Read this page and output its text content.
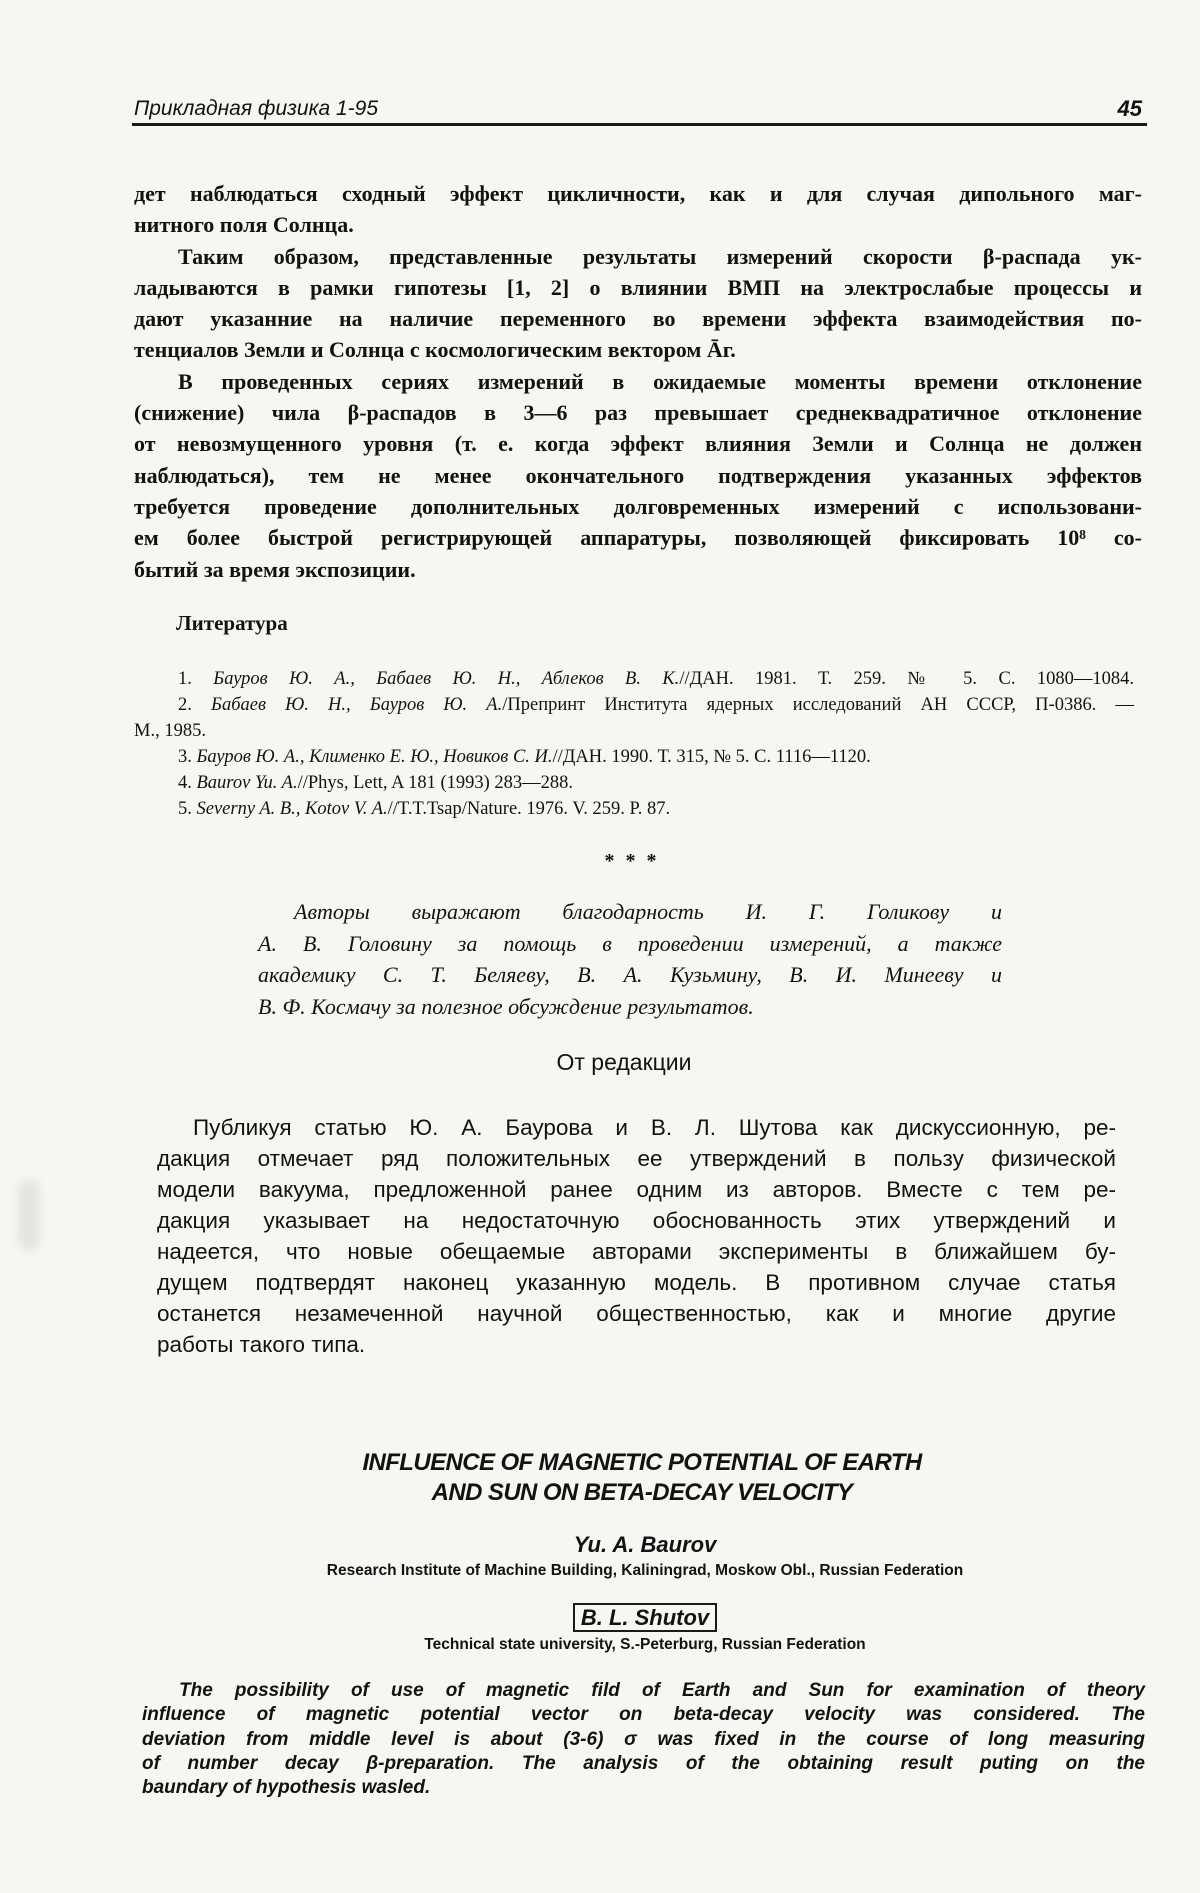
Прикладная физика 1-95	45
дет наблюдаться сходный эффект цикличности, как и для случая дипольного маг-
нитного поля Солнца.
Таким образом, представленные результаты измерений скорости β-распада ук-
ладываются в рамки гипотезы [1, 2] о влиянии ВМП на электрослабые процессы и
дают указанние на наличие переменного во времени эффекта взаимодействия по-
тенциалов Земли и Солнца с космологическим вектором Āг.
В проведенных сериях измерений в ожидаемые моменты времени отклонение
(снижение) чила β-распадов в 3—6 раз превышает среднеквадратичное отклонение
от невозмущенного уровня (т. е. когда эффект влияния Земли и Солнца не должен
наблюдаться), тем не менее окончательного подтверждения указанных эффектов
требуется проведение дополнительных долговременных измерений с использовани-
ем более быстрой регистрирующей аппаратуры, позволяющей фиксировать 10⁸ со-
бытий за время экспозиции.
Литература
1. Бауров Ю. А., Бабаев Ю. Н., Аблеков В. К.//ДАН. 1981. Т. 259. № 5. С. 1080—1084.
2. Бабаев Ю. Н., Бауров Ю. А./Препринт Института ядерных исследований АН СССР, П-0386. —
М., 1985.
3. Бауров Ю. А., Клименко Е. Ю., Новиков С. И.//ДАН. 1990. Т. 315, № 5. С. 1116—1120.
4. Baurov Yu. A.//Phys, Lett, A 181 (1993) 283—288.
5. Severny A. B., Kotov V. A.//T.T.Tsap/Nature. 1976. V. 259. P. 87.
* * *
Авторы выражают благодарность И. Г. Голикову и
А. В. Головину за помощь в проведении измерений, а также
академику С. Т. Беляеву, В. А. Кузьмину, В. И. Минееву и
В. Ф. Космачу за полезное обсуждение результатов.
От редакции
Публикуя статью Ю. А. Баурова и В. Л. Шутова как дискуссионную, ре-
дакция отмечает ряд положительных ее утверждений в пользу физической
модели вакуума, предложенной ранее одним из авторов. Вместе с тем ре-
дакция указывает на недостаточную обоснованность этих утверждений и
надеется, что новые обещаемые авторами эксперименты в ближайшем бу-
дущем подтвердят наконец указанную модель. В противном случае статья
останется незамеченной научной общественностью, как и многие другие
работы такого типа.
INFLUENCE OF MAGNETIC POTENTIAL OF EARTH
AND SUN ON BETA-DECAY VELOCITY
Yu. A. Baurov
Research Institute of Machine Building, Kaliningrad, Moskow Obl., Russian Federation
B. L. Shutov
Technical state university, S.-Peterburg, Russian Federation
The possibility of use of magnetic fild of Earth and Sun for examination of theory
influence of magnetic potential vector on beta-decay velocity was considered. The
deviation from middle level is about (3-6) σ was fixed in the course of long measuring
of number decay β-preparation. The analysis of the obtaining result puting on the
baundary of hypothesis wasled.
